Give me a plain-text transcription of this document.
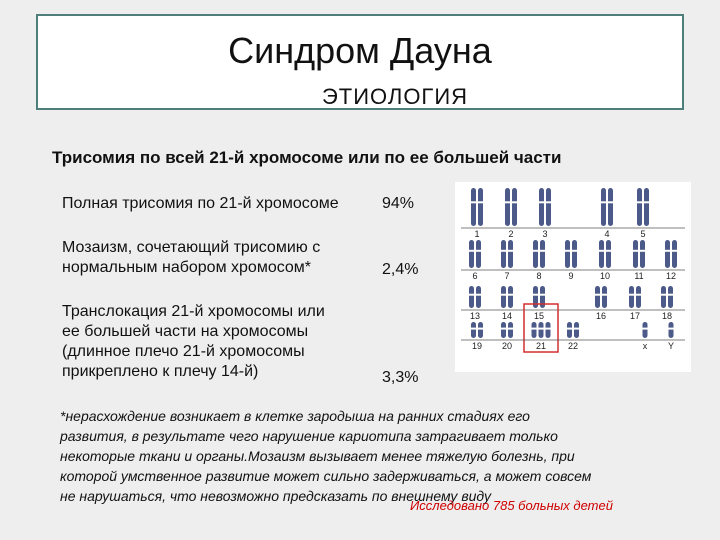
Синдром Дауна
ЭТИОЛОГИЯ
Трисомия по всей 21-й хромосоме или по ее большей части
Полная трисомия по 21-й хромосоме	94%
Мозаизм, сочетающий трисомию с
нормальным набором хромосом*	2,4%
Транслокация 21-й хромосомы или
ее большей части на хромосомы
(длинное плечо 21-й хромосомы
прикреплено к плечу 14-й)	3,3%
1	2	3	4	5
6	7	8	9	10	11 12
13 14 15	16	17 18
19 20	21 22	x Y
*нерасхождение возникает в клетке зародыша на ранних стадиях его
развития, в результате чего нарушение кариотипа затрагивает только
некоторые ткани и органы.Мозаизм вызывает менее тяжелую болезнь, при
которой умственное развитие может сильно задерживаться, а может совсем
не нарушаться, что невозможно предсказать по внешнему виду
Исследовано 785 больных детей
